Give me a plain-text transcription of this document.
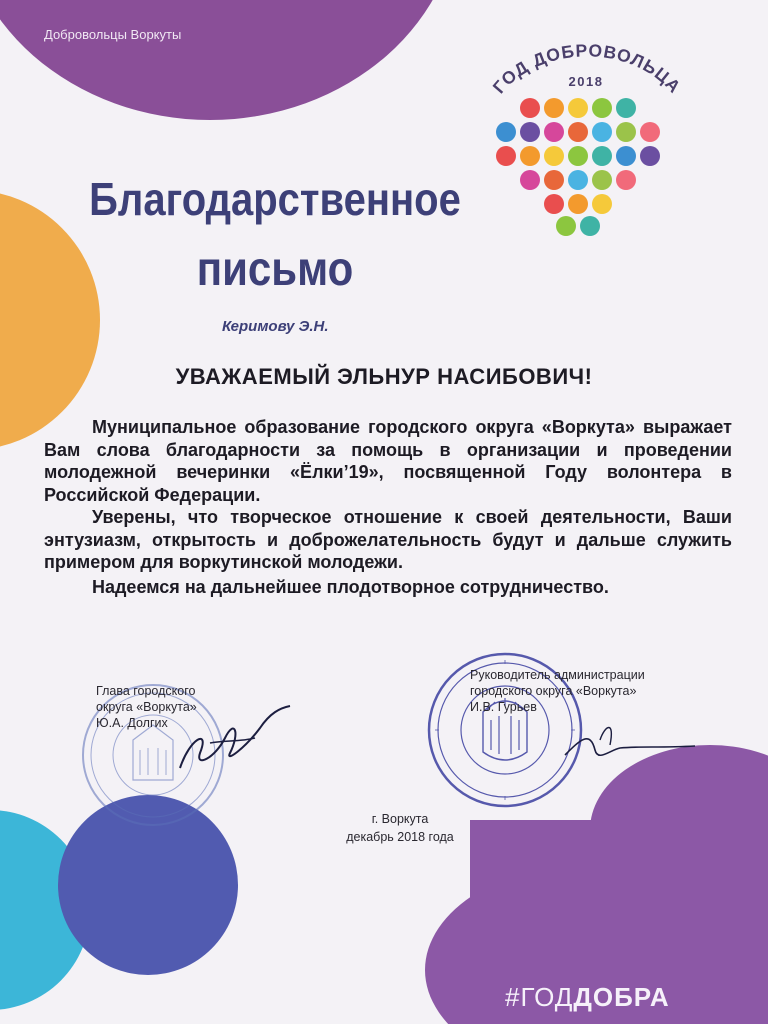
Добровольцы Воркуты
ГОД ДОБРОВОЛЬЦА
2018
Благодарственное
письмо
Керимову Э.Н.
УВАЖАЕМЫЙ ЭЛЬНУР НАСИБОВИЧ!

Муниципальное образование городского округа «Воркута» выражает Вам слова благодарности за помощь в организации и проведении молодежной вечеринки «Ёлки’19», посвященной Году волонтера в Российской Федерации.

Уверены, что творческое отношение к своей деятельности, Ваши энтузиазм, открытость и доброжелательность будут и дальше служить примером для воркутинской молодежи.

Надеемся на дальнейшее плодотворное сотрудничество.

Глава городского
округа «Воркута»
Ю.А. Долгих
Руководитель администрации
городского округа «Воркута»
И.В. Гурьев
г. Воркута
декабрь 2018 года
#ГОДДОБРА
